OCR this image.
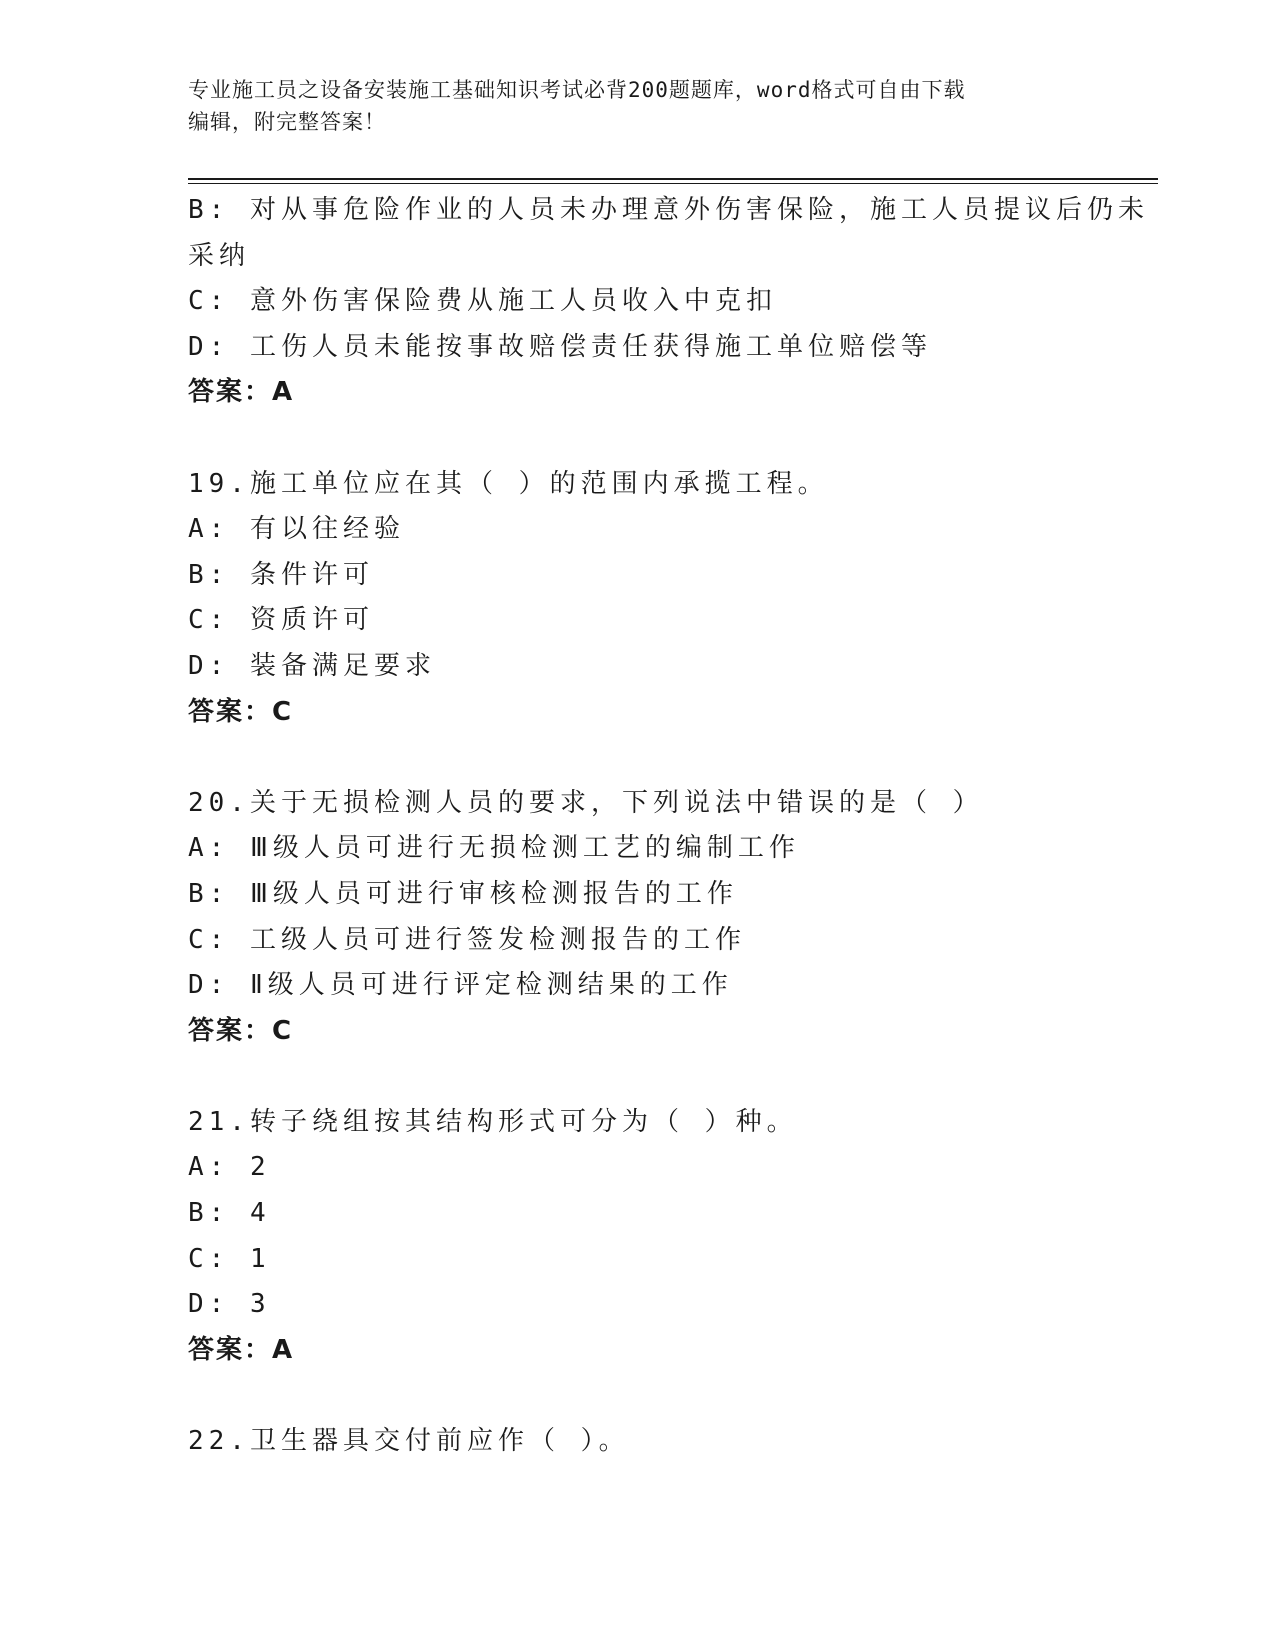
专业施工员之设备安装施工基础知识考试必背200题题库，word格式可自由下载
编辑，附完整答案！
B: 对从事危险作业的人员未办理意外伤害保险，施工人员提议后仍未
采纳
C: 意外伤害保险费从施工人员收入中克扣
D: 工伤人员未能按事故赔偿责任获得施工单位赔偿等
答案：A
19.施工单位应在其（ ）的范围内承揽工程。
A: 有以往经验
B: 条件许可
C: 资质许可
D: 装备满足要求
答案：C
20.关于无损检测人员的要求，下列说法中错误的是（ ）
A: Ⅲ级人员可进行无损检测工艺的编制工作
B: Ⅲ级人员可进行审核检测报告的工作
C: 工级人员可进行签发检测报告的工作
D: Ⅱ级人员可进行评定检测结果的工作
答案：C
21.转子绕组按其结构形式可分为（ ）种。
A: 2
B: 4
C: 1
D: 3
答案：A
22.卫生器具交付前应作（ ）。
